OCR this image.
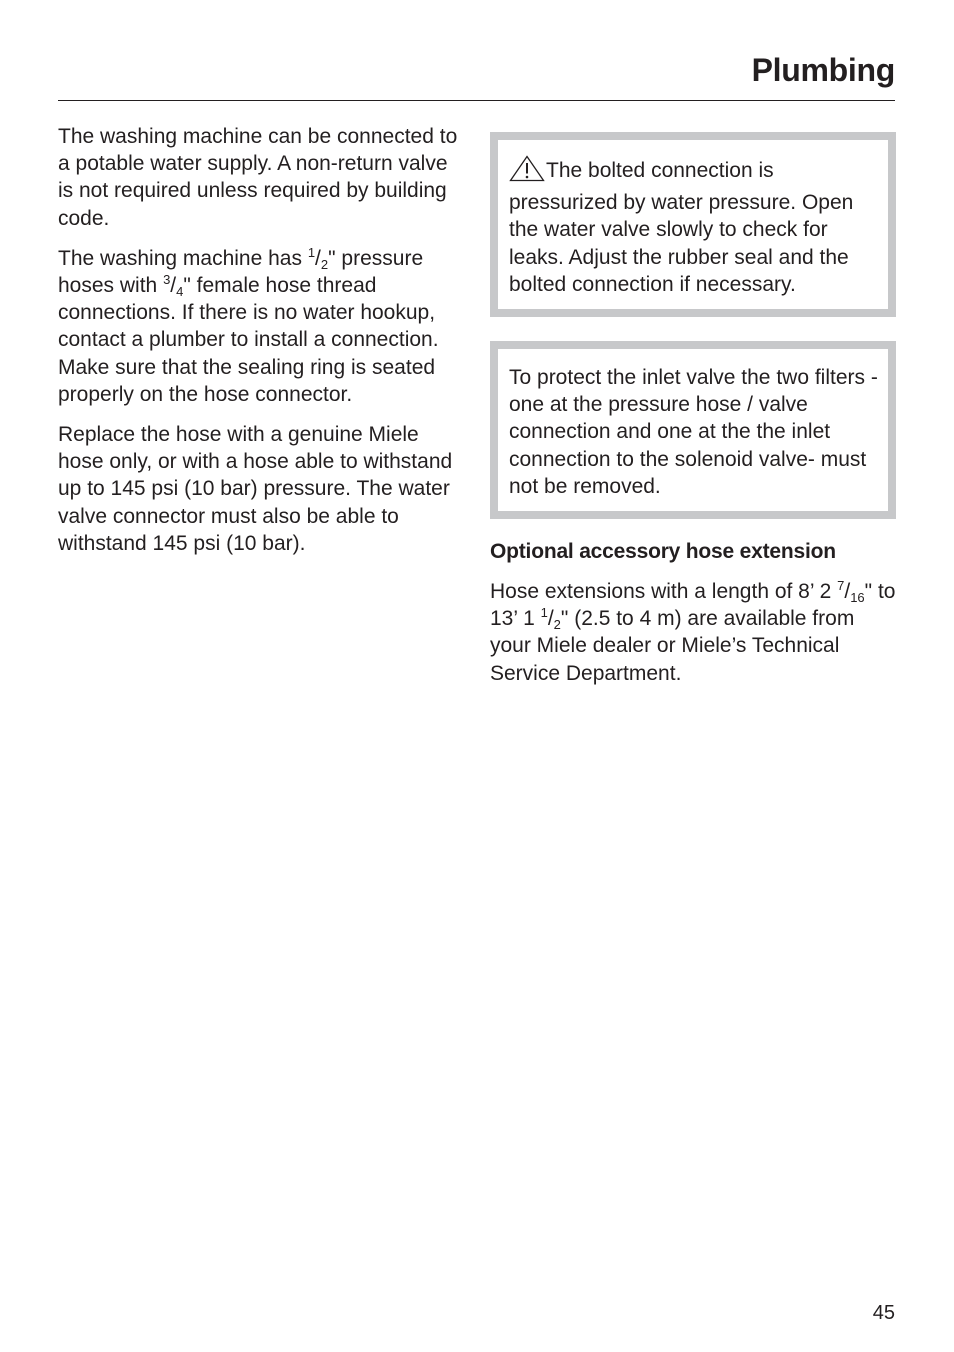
Plumbing

The washing machine can be connected to a potable water supply. A non-return valve is not required unless required by building code.

The washing machine has $^1/_2$" pressure hoses with $^3/_4$" female hose thread connections. If there is no water hookup, contact a plumber to install a connection. Make sure that the sealing ring is seated properly on the hose connector.

Replace the hose with a genuine Miele hose only, or with a hose able to withstand up to 145 psi (10 bar) pressure. The water valve connector must also be able to withstand 145 psi (10 bar).

The bolted connection is pressurized by water pressure. Open the water valve slowly to check for leaks. Adjust the rubber seal and the bolted connection if necessary.

To protect the inlet valve the two filters - one at the pressure hose / valve connection and one at the the inlet connection to the solenoid valve- must not be removed.

Optional accessory hose extension

Hose extensions with a length of 8’ 2 $^7/_{16}$" to 13’ 1 $^1/_2$" (2.5 to 4 m) are available from your Miele dealer or Miele’s Technical Service Department.

45
